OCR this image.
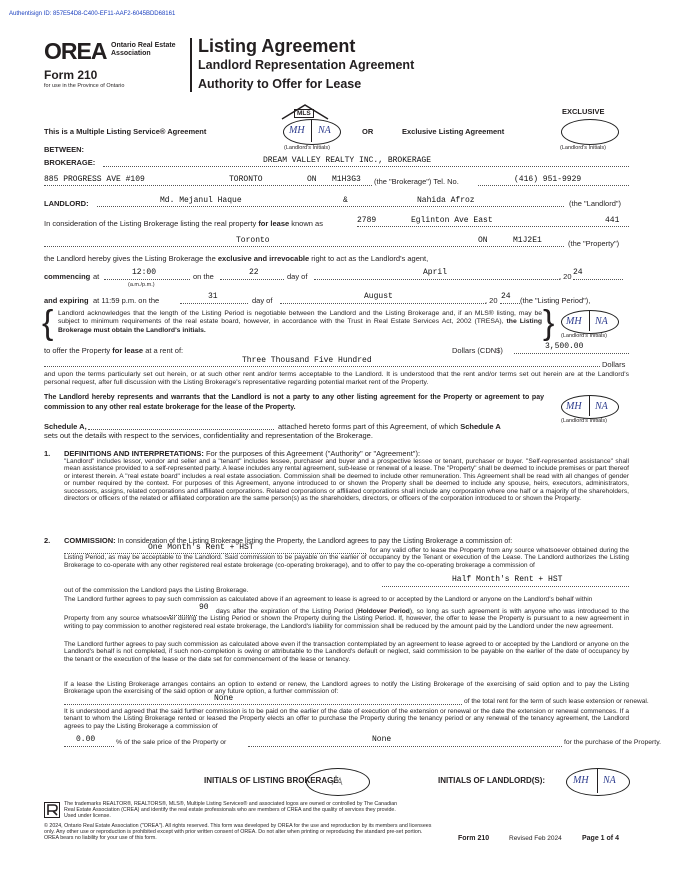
Authentisign ID: 857E54D8-C400-EF11-AAF2-6045BDD68161
OREA Ontario Real Estate
Association
Form 210
for use in the Province of Ontario
Listing Agreement
Landlord Representation Agreement
Authority to Offer for Lease
This is a Multiple Listing Service® Agreement
MLS
MH NA
(Landlord's Initials)
OR	Exclusive Listing Agreement
EXCLUSIVE
(Landlord's Initials)
BETWEEN:
BROKERAGE:	DREAM VALLEY REALTY INC., BROKERAGE
885 PROGRESS AVE #109	TORONTO	ON M1H3G3 (the "Brokerage") Tel. No.	(416) 951-9929
LANDLORD:	Md. Mejanul Haque	&	Nahida Afroz	(the "Landlord")
In consideration of the Listing Brokerage listing the real property for lease known as	2789	Eglinton Ave East	441
Toronto	ON	M1J2E1	(the "Property")
the Landlord hereby gives the Listing Brokerage the exclusive and irrevocable right to act as the Landlord's agent,
commencing at	12:00
(a.m./p.m.)
on the	22	day of	April	, 20 24
and expiring at 11:59 p.m. on the	31	day of	August	, 20 24 (the "Listing Period"),
{ Landlord acknowledges that the length of the Listing Period is negotiable between the Landlord and the Listing Brokerage and, if an MLS® listing, may be subject to minimum requirements of the real estate board, however, in accordance with the Trust in Real Estate Services Act, 2002 (TRESA), the Listing Brokerage must obtain the Landlord's initials.	} MH NA
(Landlord's Initials)
to offer the Property for lease at a rent of:	Dollars (CDN$)	3,500.00
Three Thousand Five Hundred	Dollars
and upon the terms particularly set out herein, or at such other rent and/or terms acceptable to the Landlord. It is understood that the rent and/or terms set out herein are at the Landlord's personal request, after full discussion with the Listing Brokerage's representative regarding potential market rent of the Property.
The Landlord hereby represents and warrants that the Landlord is not a party to any other listing agreement for the Property or agreement to pay commission to any other real estate brokerage for the lease of the Property.	MH NA
(Landlord's Initials)
Schedule A,	attached hereto forms part of this Agreement, of which Schedule A
sets out the details with respect to the services, confidentiality and representation of the Brokerage.
1. DEFINITIONS AND INTERPRETATIONS: For the purposes of this Agreement ("Authority" or "Agreement"):
"Landlord" includes lessor, vendor and seller and a "tenant" includes lessee, purchaser and buyer and a prospective lessee or tenant, purchaser or buyer. "Self-represented assistance" shall mean assistance provided to a self-represented party. A lease includes any rental agreement, sub-lease or renewal of a lease. The "Property" shall be deemed to include premises or part thereof or interest therein. A "real estate board" includes a real estate association. Commission shall be deemed to include other remuneration. This Agreement shall be read with all changes of gender or number required by the context. For purposes of this Agreement, anyone introduced to or shown the Property shall be deemed to include any spouse, heirs, executors, administrators, successors, assigns, related corporations and affiliated corporations. Related corporations or affiliated corporations shall include any corporation where one half or a majority of the shareholders, directors or officers of the related or affiliated corporation are the same person(s) as the shareholders, directors, or officers of the corporation introduced to or shown the Property.
2. COMMISSION: In consideration of the Listing Brokerage listing the Property, the Landlord agrees to pay the Listing Brokerage a commission of:
One Month's Rent + HST	for any valid offer to lease the Property from any source whatsoever obtained during the Listing Period, as may be acceptable to the Landlord. Said commission to be payable on the earlier of occupancy by the Tenant or execution of the Lease. The Landlord authorizes the Listing Brokerage to co-operate with any other registered real estate brokerage (co-operating brokerage), and to offer to pay the co-operating brokerage a commission of
Half Month's Rent + HST
out of the commission the Landlord pays the Listing Brokerage.
The Landlord further agrees to pay such commission as calculated above if an agreement to lease is agreed to or accepted by the Landlord or anyone on the Landlord's behalf within
90	days after the expiration of the Listing Period (Holdover Period), so long as such agreement is with anyone who was introduced to the Property from any source whatsoever during the Listing Period or shown the Property during the Listing Period. If, however, the offer to lease the Property is pursuant to a new agreement in writing to pay commission to another registered real estate brokerage, the Landlord's liability for commission shall be reduced by the amount paid by the Landlord under the new agreement.
The Landlord further agrees to pay such commission as calculated above even if the transaction contemplated by an agreement to lease agreed to or accepted by the Landlord or anyone on the Landlord's behalf is not completed, if such non-completion is owing or attributable to the Landlord's default or neglect, said commission to be payable on the earlier of the date of occupancy by the tenant or the execution of the lease or the date set for commencement of the lease or tenancy.
If a lease the Listing Brokerage arranges contains an option to extend or renew, the Landlord agrees to notify the Listing Brokerage of the exercising of said option and to pay the Listing Brokerage upon the exercising of the said option or any future option, a further commission of:
None	of the total rent for the term of such lease extension or renewal.
It is understood and agreed that the said further commission is to be paid on the earlier of the date of execution of the extension or renewal or the date the extension or renewal commences. If a tenant to whom the Listing Brokerage rented or leased the Property elects an offer to purchase the Property during the tenancy period or any renewal of the tenancy agreement, the Landlord agrees to pay the Listing Brokerage a commission of
0.00	% of the sale price of the Property or	None	for the purchase of the Property.
INITIALS OF LISTING BROKERAGE:	INITIALS OF LANDLORD(S):	MH NA
The trademarks REALTOR®, REALTORS®, MLS®, Multiple Listing Services® and associated logos are owned or controlled by The Canadian Real Estate Association (CREA) and identify the real estate professionals who are members of CREA and the quality of services they provide. Used under license.
© 2024, Ontario Real Estate Association ("OREA"). All rights reserved. This form was developed by OREA for the use and reproduction by its members and licensees only. Any other use or reproduction is prohibited except with prior written consent of OREA. Do not alter when printing or reproducing the standard pre-set portion. OREA bears no liability for your use of this form.	Form 210	Revised Feb 2024	Page 1 of 4
